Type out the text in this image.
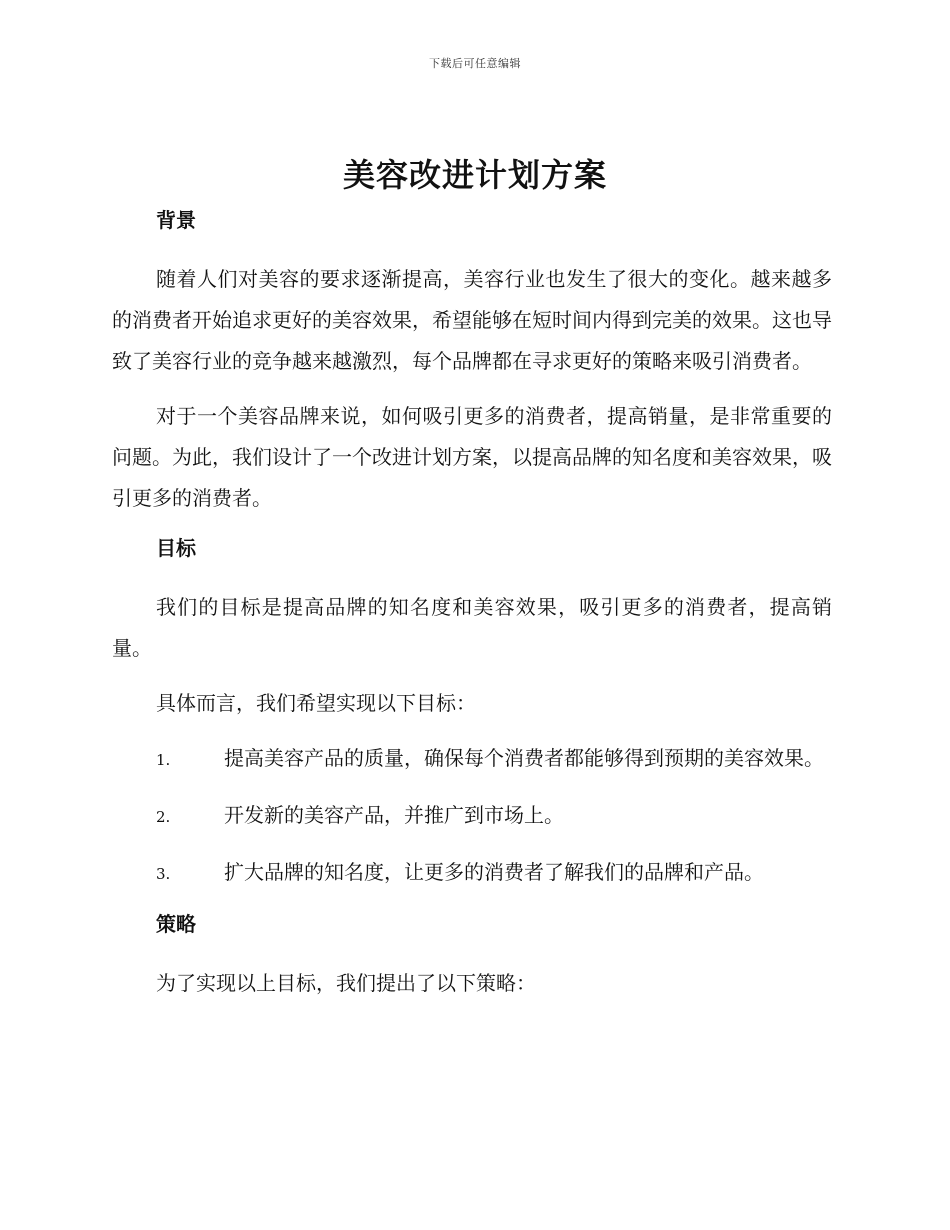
下载后可任意编辑
美容改进计划方案
背景

随着人们对美容的要求逐渐提高，美容行业也发生了很大的变化。越来越多的消费者开始追求更好的美容效果，希望能够在短时间内得到完美的效果。这也导致了美容行业的竞争越来越激烈，每个品牌都在寻求更好的策略来吸引消费者。

对于一个美容品牌来说，如何吸引更多的消费者，提高销量，是非常重要的问题。为此，我们设计了一个改进计划方案，以提高品牌的知名度和美容效果，吸引更多的消费者。

目标

我们的目标是提高品牌的知名度和美容效果，吸引更多的消费者，提高销量。

具体而言，我们希望实现以下目标：

1.	提高美容产品的质量，确保每个消费者都能够得到预期的美容效果。

2.	开发新的美容产品，并推广到市场上。

3.	扩大品牌的知名度，让更多的消费者了解我们的品牌和产品。

策略

为了实现以上目标，我们提出了以下策略：
